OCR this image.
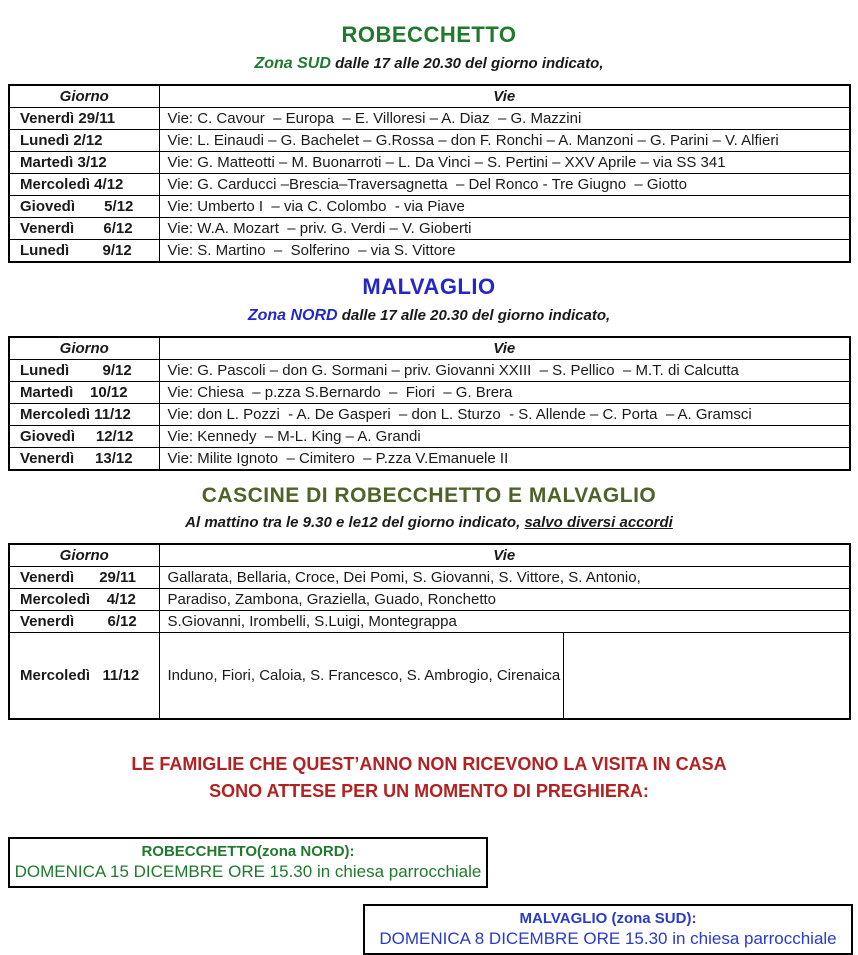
ROBECCHETTO
Zona SUD dalle 17 alle 20.30 del giorno indicato,
Giorno	Vie
Venerdì 29/11	Vie: C. Cavour  – Europa  – E. Villoresi – A. Diaz  – G. Mazzini
Lunedì 2/12	Vie: L. Einaudi – G. Bachelet – G.Rossa – don F. Ronchi – A. Manzoni – G. Parini – V. Alfieri
Martedì 3/12	Vie: G. Matteotti – M. Buonarroti – L. Da Vinci – S. Pertini – XXV Aprile – via SS 341
Mercoledì 4/12	Vie: G. Carducci –Brescia–Traversagnetta  – Del Ronco - Tre Giugno  – Giotto
Giovedì       5/12	Vie: Umberto I  – via C. Colombo  - via Piave
Venerdì       6/12	Vie: W.A. Mozart  – priv. G. Verdi – V. Gioberti
Lunedì        9/12	Vie: S. Martino  –  Solferino  – via S. Vittore
MALVAGLIO
Zona NORD dalle 17 alle 20.30 del giorno indicato,
Giorno	Vie
Lunedì        9/12	Vie: G. Pascoli – don G. Sormani – priv. Giovanni XXIII  – S. Pellico  – M.T. di Calcutta
Martedì    10/12	Vie: Chiesa  – p.zza S.Bernardo  –  Fiori  – G. Brera
Mercoledì 11/12	Vie: don L. Pozzi  - A. De Gasperi  – don L. Sturzo  - S. Allende – C. Porta  – A. Gramsci
Giovedì     12/12	Vie: Kennedy  – M-L. King – A. Grandi
Venerdì     13/12	Vie: Milite Ignoto  – Cimitero  – P.zza V.Emanuele II
CASCINE DI ROBECCHETTO E MALVAGLIO
Al mattino tra le 9.30 e le12 del giorno indicato, salvo diversi accordi
Giorno	Vie
Venerdì      29/11	Gallarata, Bellaria, Croce, Dei Pomi, S. Giovanni, S. Vittore, S. Antonio,
Mercoledì    4/12	Paradiso, Zambona, Graziella, Guado, Ronchetto
Venerdì        6/12	S.Giovanni, Irombelli, S.Luigi, Montegrappa
Mercoledì   11/12	Induno, Fiori, Caloia, S. Francesco, S. Ambrogio, Cirenaica

LE FAMIGLIE CHE QUEST’ANNO NON RICEVONO LA VISITA IN CASA
SONO ATTESE PER UN MOMENTO DI PREGHIERA:
ROBECCHETTO(zona NORD):
DOMENICA 15 DICEMBRE ORE 15.30 in chiesa parrocchiale
MALVAGLIO (zona SUD):
DOMENICA 8 DICEMBRE ORE 15.30 in chiesa parrocchiale
